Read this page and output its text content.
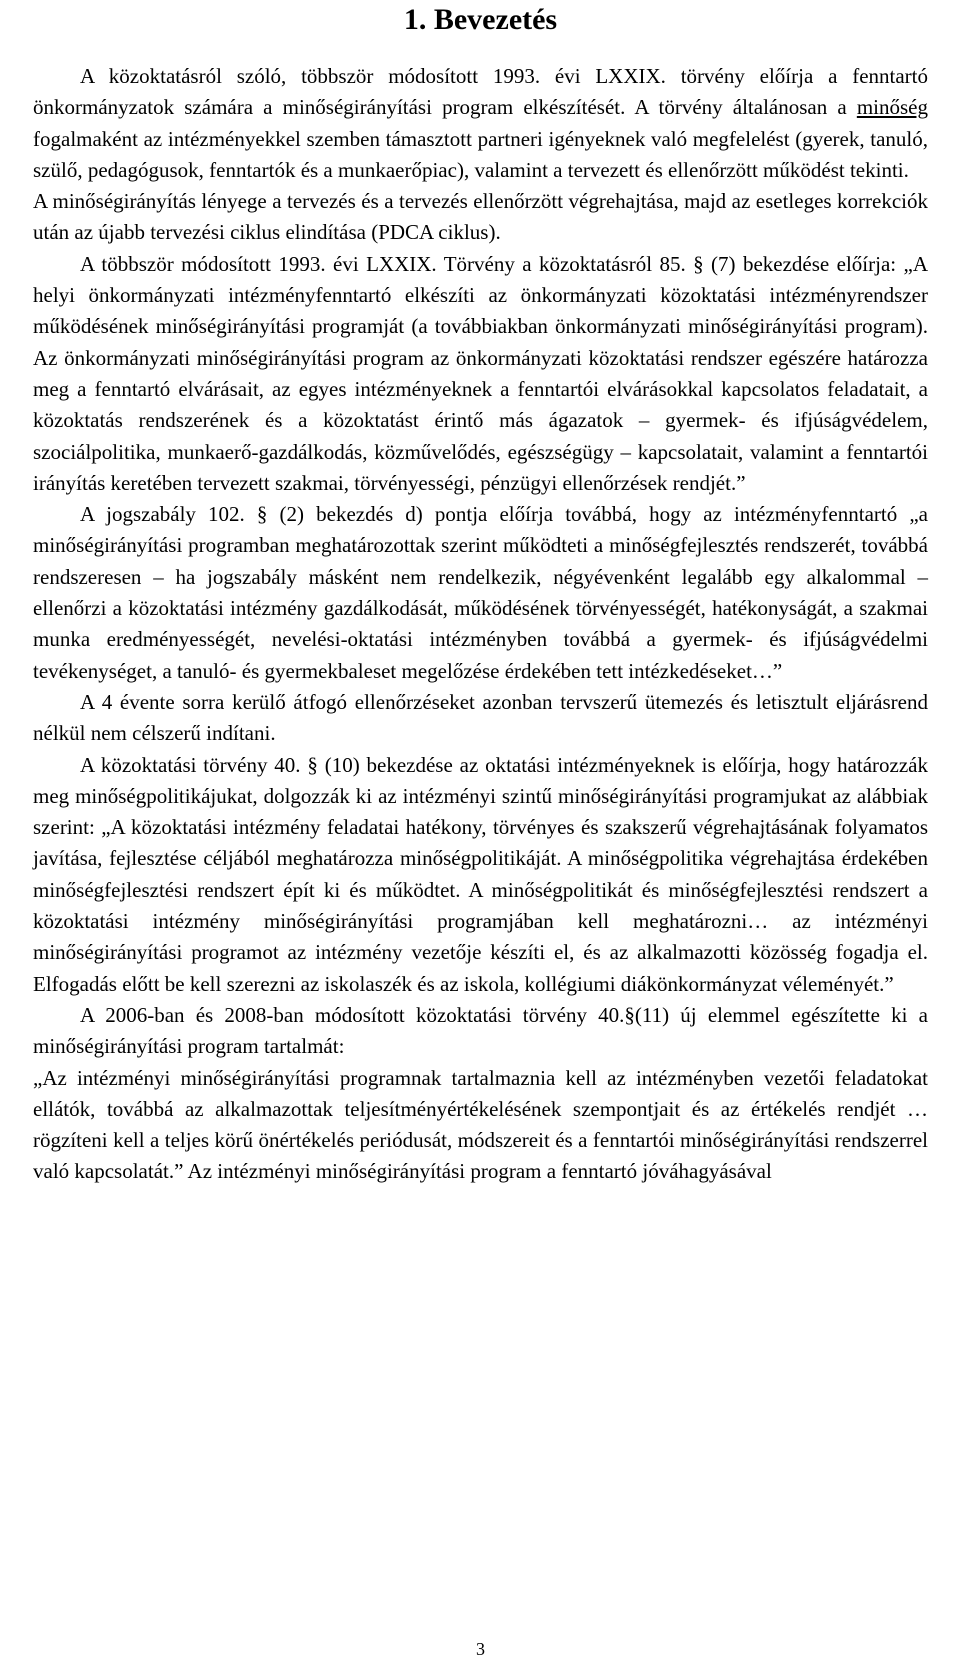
1. Bevezetés

A közoktatásról szóló, többször módosított 1993. évi LXXIX. törvény előírja a fenntartó önkormányzatok számára a minőségirányítási program elkészítését. A törvény általánosan a minőség fogalmaként az intézményekkel szemben támasztott partneri igényeknek való megfelelést (gyerek, tanuló, szülő, pedagógusok, fenntartók és a munkaerőpiac), valamint a tervezett és ellenőrzött működést tekinti.

A minőségirányítás lényege a tervezés és a tervezés ellenőrzött végrehajtása, majd az esetleges korrekciók után az újabb tervezési ciklus elindítása (PDCA ciklus).

A többször módosított 1993. évi LXXIX. Törvény a közoktatásról 85. § (7) bekezdése előírja: „A helyi önkormányzati intézményfenntartó elkészíti az önkormányzati közoktatási intézményrendszer működésének minőségirányítási programját (a továbbiakban önkormányzati minőségirányítási program). Az önkormányzati minőségirányítási program az önkormányzati közoktatási rendszer egészére határozza meg a fenntartó elvárásait, az egyes intézményeknek a fenntartói elvárásokkal kapcsolatos feladatait, a közoktatás rendszerének és a közoktatást érintő más ágazatok – gyermek- és ifjúságvédelem, szociálpolitika, munkaerő-gazdálkodás, közművelődés, egészségügy – kapcsolatait, valamint a fenntartói irányítás keretében tervezett szakmai, törvényességi, pénzügyi ellenőrzések rendjét.”

A jogszabály 102. § (2) bekezdés d) pontja előírja továbbá, hogy az intézményfenntartó „a minőségirányítási programban meghatározottak szerint működteti a minőségfejlesztés rendszerét, továbbá rendszeresen – ha jogszabály másként nem rendelkezik, négyévenként legalább egy alkalommal – ellenőrzi a közoktatási intézmény gazdálkodását, működésének törvényességét, hatékonyságát, a szakmai munka eredményességét, nevelési-oktatási intézményben továbbá a gyermek- és ifjúságvédelmi tevékenységet, a tanuló- és gyermekbaleset megelőzése érdekében tett intézkedéseket…”

A 4 évente sorra kerülő átfogó ellenőrzéseket azonban tervszerű ütemezés és letisztult eljárásrend nélkül nem célszerű indítani.

A közoktatási törvény 40. § (10) bekezdése az oktatási intézményeknek is előírja, hogy határozzák meg minőségpolitikájukat, dolgozzák ki az intézményi szintű minőségirányítási programjukat az alábbiak szerint: „A közoktatási intézmény feladatai hatékony, törvényes és szakszerű végrehajtásának folyamatos javítása, fejlesztése céljából meghatározza minőségpolitikáját. A minőségpolitika végrehajtása érdekében minőségfejlesztési rendszert épít ki és működtet. A minőségpolitikát és minőségfejlesztési rendszert a közoktatási intézmény minőségirányítási programjában kell meghatározni… az intézményi minőségirányítási programot az intézmény vezetője készíti el, és az alkalmazotti közösség fogadja el. Elfogadás előtt be kell szerezni az iskolaszék és az iskola, kollégiumi diákönkormányzat véleményét.”

A 2006-ban és 2008-ban módosított közoktatási törvény 40.§(11) új elemmel egészítette ki a minőségirányítási program tartalmát:

„Az intézményi minőségirányítási programnak tartalmaznia kell az intézményben vezetői feladatokat ellátók, továbbá az alkalmazottak teljesítményértékelésének szempontjait és az értékelés rendjét … rögzíteni kell a teljes körű önértékelés periódusát, módszereit és a fenntartói minőségirányítási rendszerrel való kapcsolatát.” Az intézményi minőségirányítási program a fenntartó jóváhagyásával

3
